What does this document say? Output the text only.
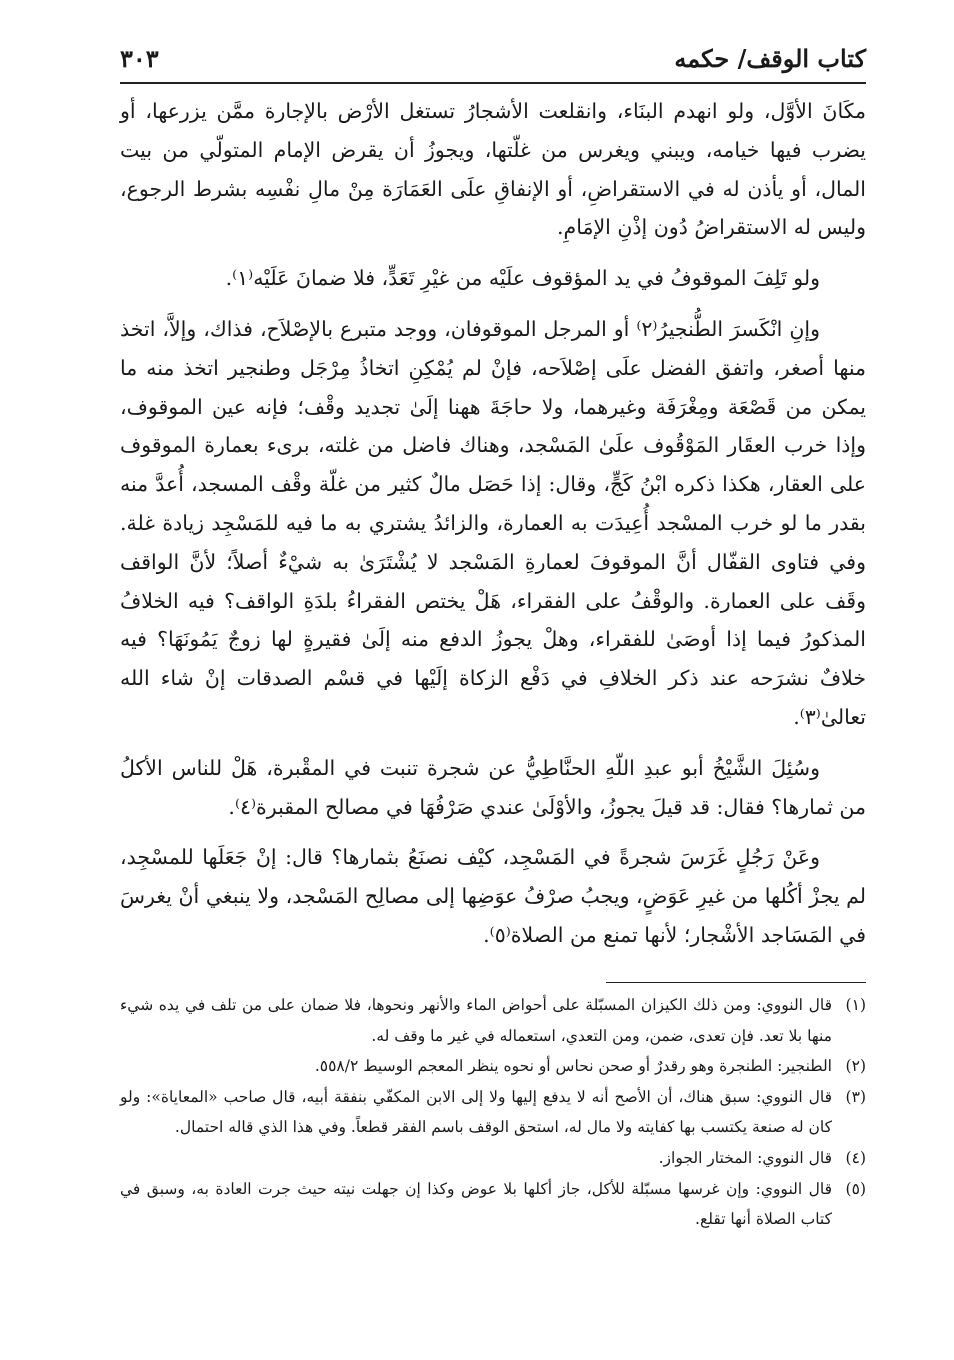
كتاب الوقف/ حكمه
٣٠٣

مكَانَ الأوَّل، ولو انهدم البنَاء، وانقلعت الأشجارُ تستغل الأرْض بالإجارة ممَّن يزرعها، أو يضرب فيها خيامه، ويبني ويغرس من غلّتها، ويجوزُ أن يقرض الإمام المتولّي من بيت المال، أو يأذن له في الاستقراضِ، أو الإنفاقِ علَى العَمَارَة مِنْ مالِ نفْسِه بشرط الرجوع، وليس له الاستقراضُ دُون إذْنِ الإمَامِ.

ولو تَلِفَ الموقوفُ في يد المؤقوف علَيْه من غيْرِ تَعَدٍّ، فلا ضمانَ عَلَيْه⁽١⁾.

وإنِ انْكَسرَ الطُّنجيرُ⁽٢⁾ أو المرجل الموقوفان، ووجد متبرع بالإصْلاَح، فذاك، وإلاَّ، اتخذ منها أصغر، واتفق الفضل علَى إصْلاَحه، فإنْ لم يُمْكِنِ اتخاذُ مِرْجَل وطنجير اتخذ منه ما يمكن من قَصْعَة ومِغْرَفَة وغيرهما، ولا حاجَةَ ههنا إلَىٰ تجديد وقْف؛ فإنه عين الموقوف، وإذا خرب العقَار المَوْقُوف علَىٰ المَسْجد، وهناك فاضل من غلته، برىء بعمارة الموقوف على العقار، هكذا ذكره ابْنُ كَجٍّ، وقال: إذا حَصَل مالٌ كثير من غلّة وقْف المسجد، أُعدَّ منه بقدر ما لو خرب المسْجد أُعِيدَت به العمارة، والزائدُ يشتري به ما فيه للمَسْجِد زيادة غلة. وفي فتاوى القفّال أنَّ الموقوفَ لعمارةِ المَسْجد لا يُشْتَرَىٰ به شيْءٌ أصلاً؛ لأنَّ الواقف وقَف على العمارة. والوقْفُ على الفقراء، هَلْ يختص الفقراءُ بلدَةِ الواقف؟ فيه الخلافُ المذكورُ فيما إذا أوصَىٰ للفقراء، وهلْ يجوزُ الدفع منه إلَىٰ فقيرةٍ لها زوجٌ يَمُونَهَا؟ فيه خلافٌ نشرَحه عند ذكر الخلافِ في دَفْع الزكاة إلَيْها في قسْم الصدقات إنْ شاء الله تعالىٰ⁽٣⁾.

وسُئِلَ الشَّيْخُ أبو عبدِ اللّهِ الحنَّاطِيُّ عن شجرة تنبت في المقْبرة، هَلْ للناس الأكلُ من ثمارها؟ فقال: قد قيلَ يجوزُ، والأوْلَىٰ عندي صَرْفُهَا في مصالح المقبرة⁽٤⁾.

وعَنْ رَجُلٍ غَرَسَ شجرةً في المَسْجِد، كيْف نصنَعُ بثمارها؟ قال: إنْ جَعَلَها للمسْجِد، لم يجزْ أكُلها من غيرِ عَوَضٍ، ويجبُ صرْفُ عوَضِها إلى مصالِح المَسْجد، ولا ينبغي أنْ يغرسَ في المَسَاجد الأشْجار؛ لأنها تمنع من الصلاة⁽٥⁾.

(١)
قال النووي: ومن ذلك الكيزان المسبّلة على أحواض الماء والأنهر ونحوها، فلا ضمان على من تلف في يده شيء منها بلا تعد. فإن تعدى، ضمن، ومن التعدي، استعماله في غير ما وقف له.
(٢)
الطنجير: الطنجرة وهو رقدرٌ أو صحن نحاس أو نحوه ينظر المعجم الوسيط ٥٥٨/٢.
(٣)
قال النووي: سبق هناك، أن الأصح أنه لا يدفع إليها ولا إلى الابن المكفّي بنفقة أبيه، قال صاحب «المعاياة»: ولو كان له صنعة يكتسب بها كفايته ولا مال له، استحق الوقف باسم الفقر قطعاً. وفي هذا الذي قاله احتمال.
(٤)
قال النووي: المختار الجواز.
(٥)
قال النووي: وإن غرسها مسبّلة للأكل، جاز أكلها بلا عوض وكذا إن جهلت نيته حيث جرت العادة به، وسبق في كتاب الصلاة أنها تقلع.
